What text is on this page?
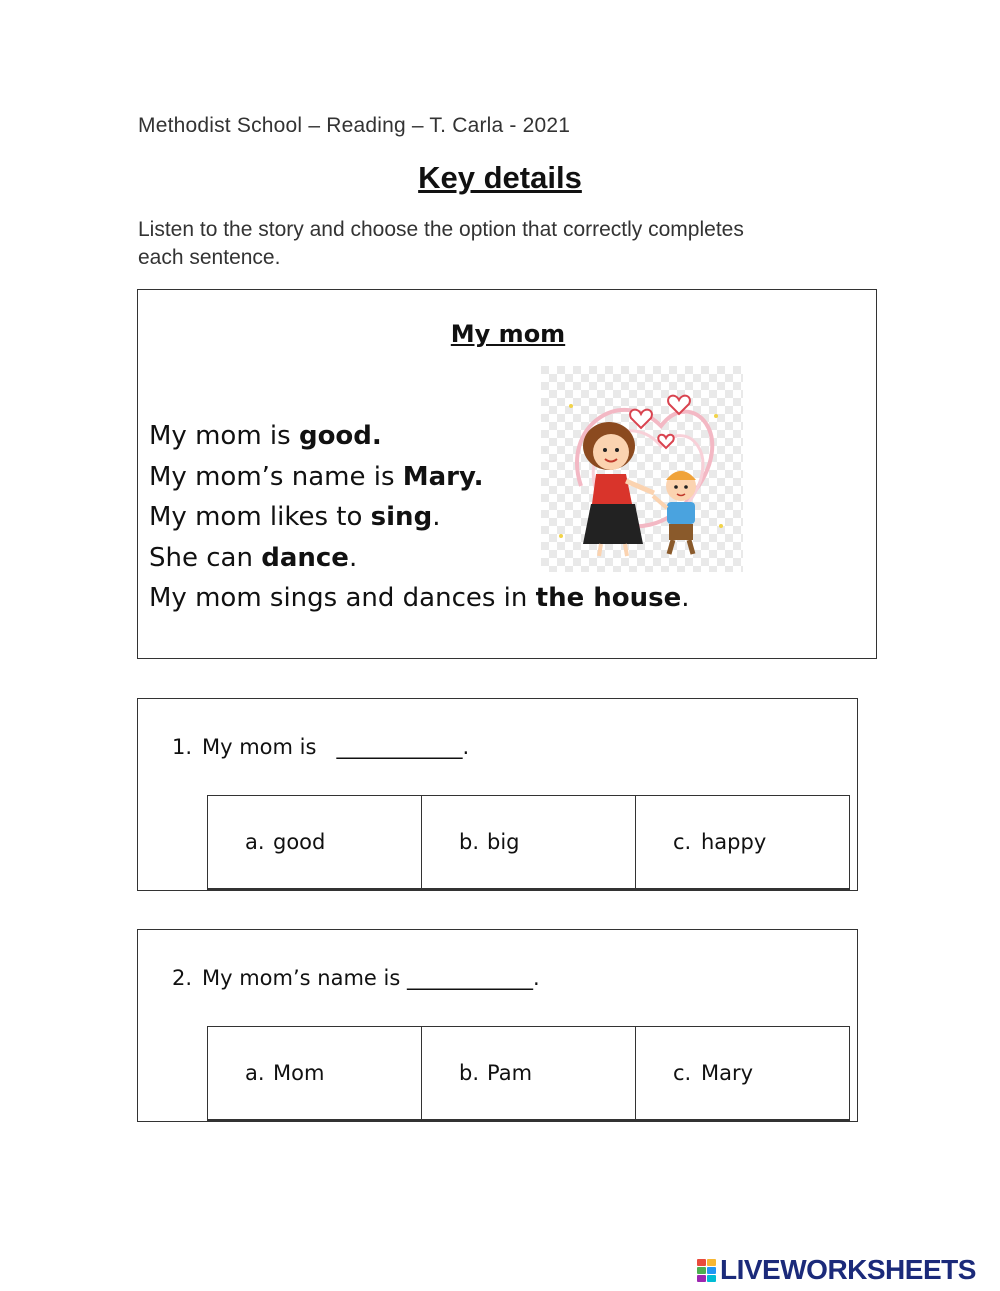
Methodist School – Reading – T. Carla - 2021
Key details
Listen to the story and choose the option that correctly completes each sentence.
My mom
My mom is good.
My mom’s name is Mary.
My mom likes to sing.
She can dance.
My mom sings and dances in the house.
1. My mom is   ____________.
a. good	b. big	c. happy
2. My mom’s name is ____________.
a. Mom	b. Pam	c. Mary
LIVEWORKSHEETS
